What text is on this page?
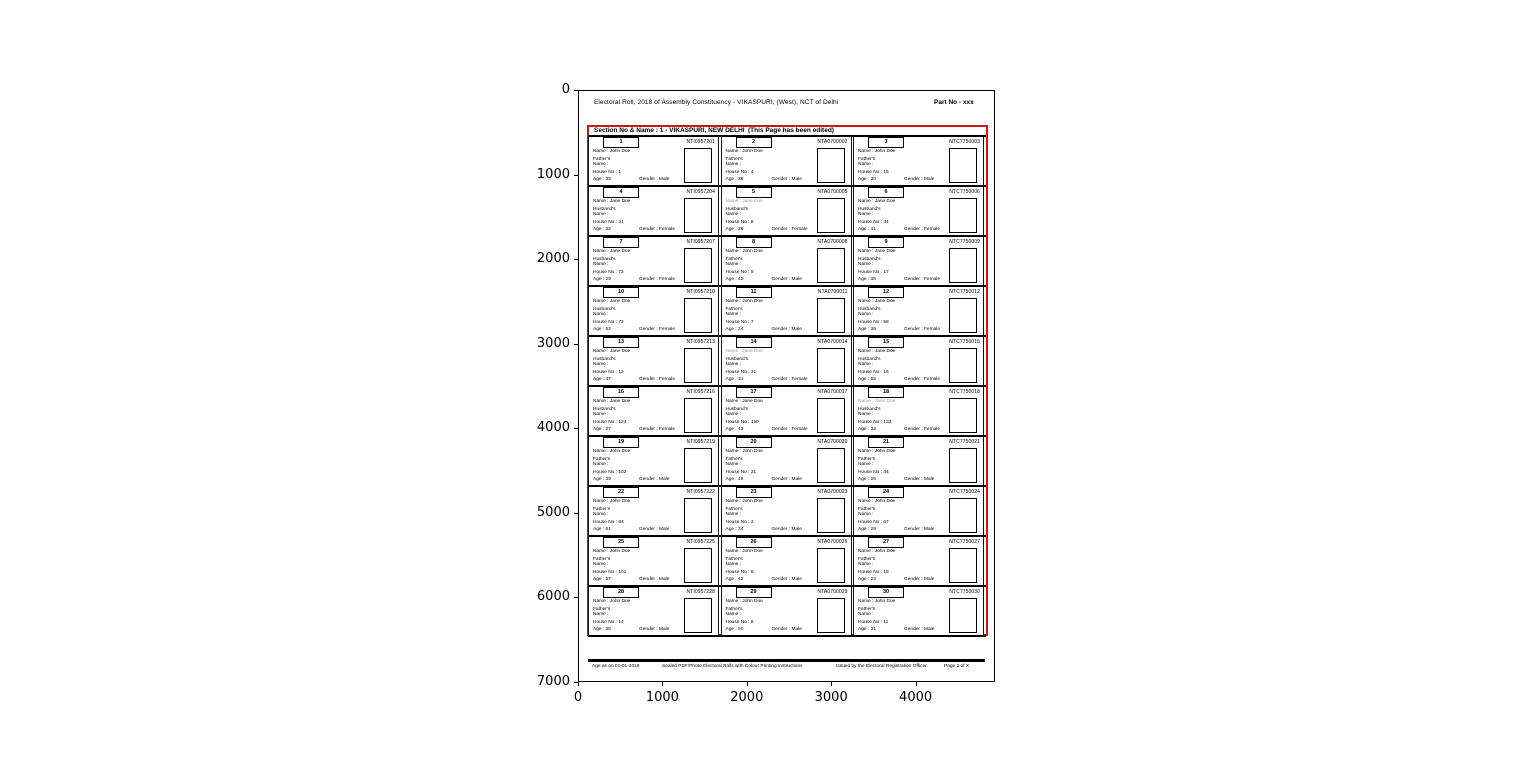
0
1000
2000
3000
4000
5000
6000
7000
0	1000	2000	3000	4000
Electoral Roll, 2018 of Assembly Constituency - VIKASPURI, (West), NCT of Delhi	Part No - xxx
Section No & Name : 1 - VIKASPURI, NEW DELHI (This Page has been edited)
1	NTI0957201
Name : John Doe
Father's
Name :
House No : 1
Age : 35	Gender : Male
2	NTA0700002
Name : John Doe
Father's
Name :
House No : 4
Age : 28	Gender : Male
3	NTC7750003
Name : John Doe
Father's
Name :
House No : 15
Age : 30	Gender : Male
4	NTI0957204
Name : Jane Doe
Husband's
Name :
House No : 21
Age : 32	Gender : Female
5	NTA0700005
Name : Jane Doe
Husband's
Name :
House No : 8
Age : 26	Gender : Female
6	NTC7750006
Name : Jane Doe
Husband's
Name :
House No : 34
Age : 41	Gender : Female
7	NTI0957207
Name : Jane Doe
Husband's
Name :
House No : 72
Age : 29	Gender : Female
8	NTA0700008
Name : John Doe
Father's
Name :
House No : 9
Age : 45	Gender : Male
9	NTC7750009
Name : Jane Doe
Husband's
Name :
House No : 17
Age : 38	Gender : Female
10	NTI0957210
Name : Jane Doe
Husband's
Name :
House No : 72
Age : 52	Gender : Female
11	NTA0700011
Name : John Doe
Father's
Name :
House No : 7
Age : 24	Gender : Male
12	NTC7750012
Name : Jane Doe
Husband's
Name :
House No : 58
Age : 36	Gender : Female
13	NTI0957213
Name : Jane Doe
Husband's
Name :
House No : 12
Age : 47	Gender : Female
14	NTA0700014
Name : Jane Doe
Husband's
Name :
House No : 31
Age : 31	Gender : Female
15	NTC7750015
Name : Jane Doe
Husband's
Name :
House No : 16
Age : 55	Gender : Female
16	NTI0957216
Name : Jane Doe
Husband's
Name :
House No : 124
Age : 27	Gender : Female
17	NTA0700017
Name : Jane Doe
Husband's
Name :
House No : 150
Age : 43	Gender : Female
18	NTC7750018
Name : Jane Doe
Husband's
Name :
House No : 132
Age : 33	Gender : Female
19	NTI0957219
Name : John Doe
Father's
Name :
House No : 102
Age : 39	Gender : Male
20	NTA0700020
Name : John Doe
Father's
Name :
House No : 21
Age : 48	Gender : Male
21	NTC7750021
Name : John Doe
Father's
Name :
House No : 44
Age : 26	Gender : Male
22	NTI0957222
Name : John Doe
Father's
Name :
House No : 64
Age : 61	Gender : Male
23	NTA0700023
Name : John Doe
Father's
Name :
House No : 3
Age : 34	Gender : Male
24	NTC7750024
Name : John Doe
Father's
Name :
House No : 67
Age : 29	Gender : Male
25	NTI0957225
Name : John Doe
Father's
Name :
House No : 101
Age : 57	Gender : Male
26	NTA0700026
Name : John Doe
Father's
Name :
House No : 8
Age : 42	Gender : Male
27	NTC7750027
Name : John Doe
Father's
Name :
House No : 18
Age : 23	Gender : Male
28	NTI0957228
Name : John Doe
Father's
Name :
House No : 14
Age : 36	Gender : Male
29	NTA0700029
Name : John Doe
Father's
Name :
House No : 6
Age : 50	Gender : Male
30	NTC7750030
Name : John Doe
Father's
Name :
House No : 11
Age : 31	Gender : Male
Age as on 01-01-2018	Sealed PDF/Photo Electoral Rolls with Colour Printing Instructions	Issued by the Electoral Registration Officer	Page 2 of X
